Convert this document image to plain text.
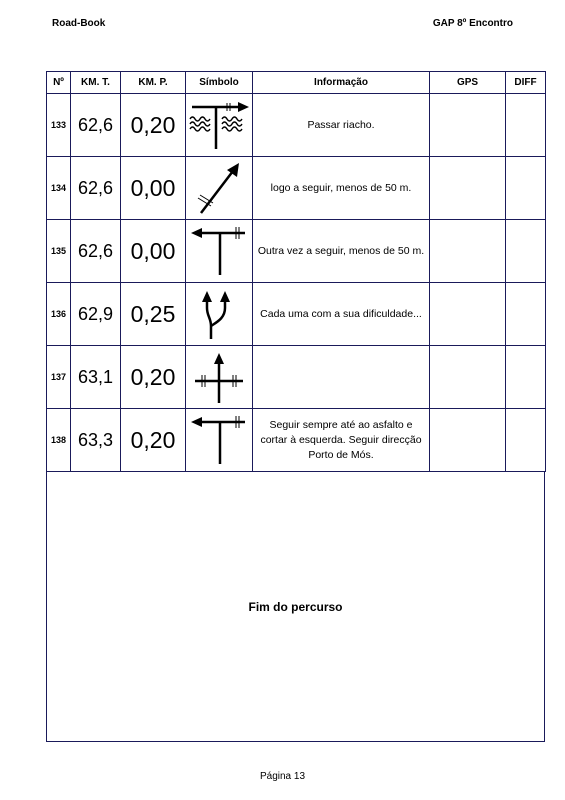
Road-Book	GAP 8º Encontro
Nº	KM. T.	KM. P.	Símbolo	Informação	GPS	DIFF
133	62,6	0,20		Passar riacho.		
134	62,6	0,00		logo a seguir, menos de 50 m.		
135	62,6	0,00		Outra vez a seguir, menos de 50 m.		
136	62,9	0,25		Cada uma com a sua dificuldade...		
137	63,1	0,20	

138	63,3	0,20		Seguir sempre até ao asfalto e cortar à esquerda. Seguir direcção Porto de Mós.		
Fim do percurso
Página 13
